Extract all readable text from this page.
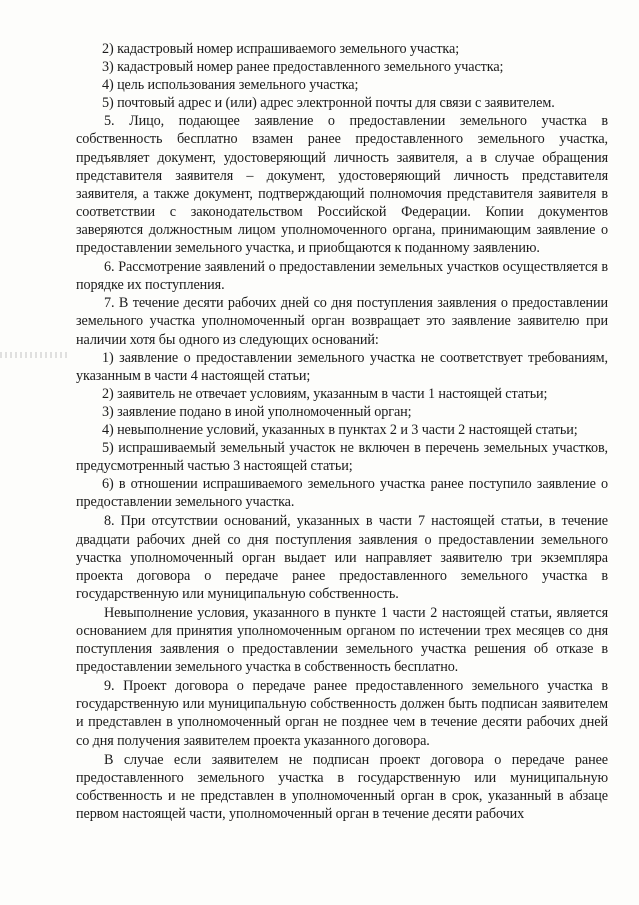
2) кадастровый номер испрашиваемого земельного участка;

3) кадастровый номер ранее предоставленного земельного участка;

4) цель использования земельного участка;

5) почтовый адрес и (или) адрес электронной почты для связи с заявителем.

5. Лицо, подающее заявление о предоставлении земельного участка в собственность бесплатно взамен ранее предоставленного земельного участка, предъявляет документ, удостоверяющий личность заявителя, а в случае обращения представителя заявителя – документ, удостоверяющий личность представителя заявителя, а также документ, подтверждающий полномочия представителя заявителя в соответствии с законодательством Российской Федерации. Копии документов заверяются должностным лицом уполномоченного органа, принимающим заявление о предоставлении земельного участка, и приобщаются к поданному заявлению.

6. Рассмотрение заявлений о предоставлении земельных участков осуществляется в порядке их поступления.

7. В течение десяти рабочих дней со дня поступления заявления о предоставлении земельного участка уполномоченный орган возвращает это заявление заявителю при наличии хотя бы одного из следующих оснований:

1) заявление о предоставлении земельного участка не соответствует требованиям, указанным в части 4 настоящей статьи;

2) заявитель не отвечает условиям, указанным в части 1 настоящей статьи;

3) заявление подано в иной уполномоченный орган;

4) невыполнение условий, указанных в пунктах 2 и 3 части 2 настоящей статьи;

5) испрашиваемый земельный участок не включен в перечень земельных участков, предусмотренный частью 3 настоящей статьи;

6) в отношении испрашиваемого земельного участка ранее поступило заявление о предоставлении земельного участка.

8. При отсутствии оснований, указанных в части 7 настоящей статьи, в течение двадцати рабочих дней со дня поступления заявления о предоставлении земельного участка уполномоченный орган выдает или направляет заявителю три экземпляра проекта договора о передаче ранее предоставленного земельного участка в государственную или муниципальную собственность.

Невыполнение условия, указанного в пункте 1 части 2 настоящей статьи, является основанием для принятия уполномоченным органом по истечении трех месяцев со дня поступления заявления о предоставлении земельного участка решения об отказе в предоставлении земельного участка в собственность бесплатно.

9. Проект договора о передаче ранее предоставленного земельного участка в государственную или муниципальную собственность должен быть подписан заявителем и представлен в уполномоченный орган не позднее чем в течение десяти рабочих дней со дня получения заявителем проекта указанного договора.

В случае если заявителем не подписан проект договора о передаче ранее предоставленного земельного участка в государственную или муниципальную собственность и не представлен в уполномоченный орган в срок, указанный в абзаце первом настоящей части, уполномоченный орган в течение десяти рабочих
